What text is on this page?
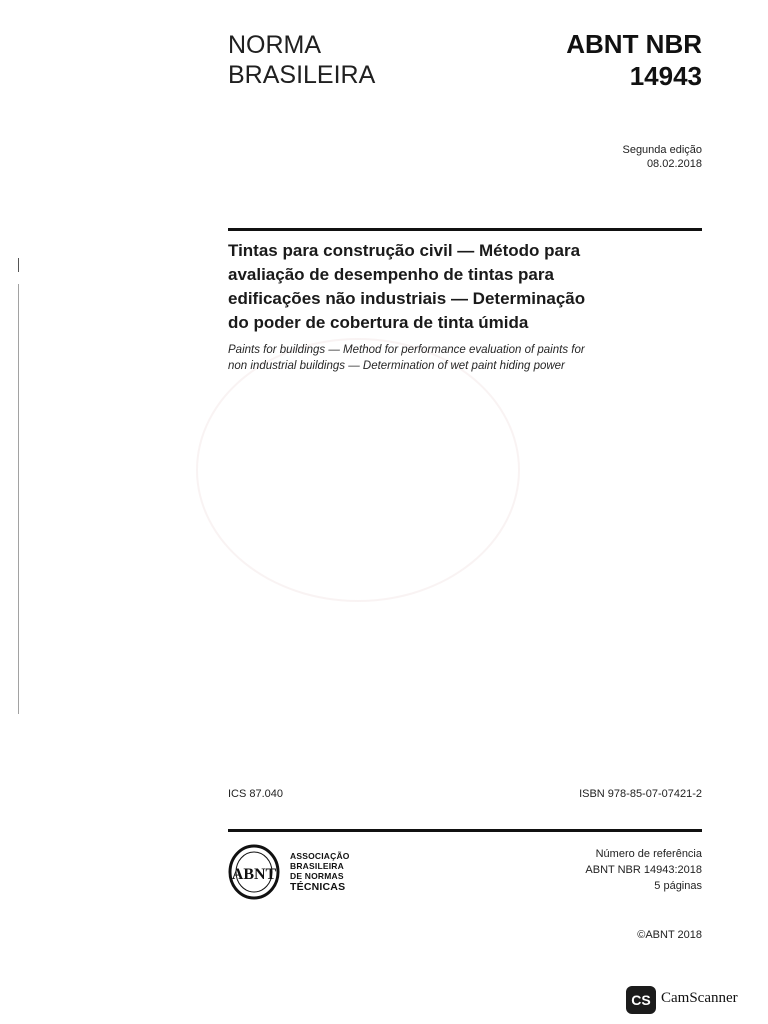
NORMA
BRASILEIRA
ABNT NBR
14943
Segunda edição
08.02.2018
Tintas para construção civil — Método para
avaliação de desempenho de tintas para
edificações não industriais — Determinação
do poder de cobertura de tinta úmida
Paints for buildings — Method for performance evaluation of paints for
non industrial buildings — Determination of wet paint hiding power
ICS 87.040	ISBN 978-85-07-07421-2
ABNT
ASSOCIAÇÃO
BRASILEIRA
DE NORMAS
TÉCNICAS
Número de referência
ABNT NBR 14943:2018
5 páginas
©ABNT 2018
CS CamScanner
